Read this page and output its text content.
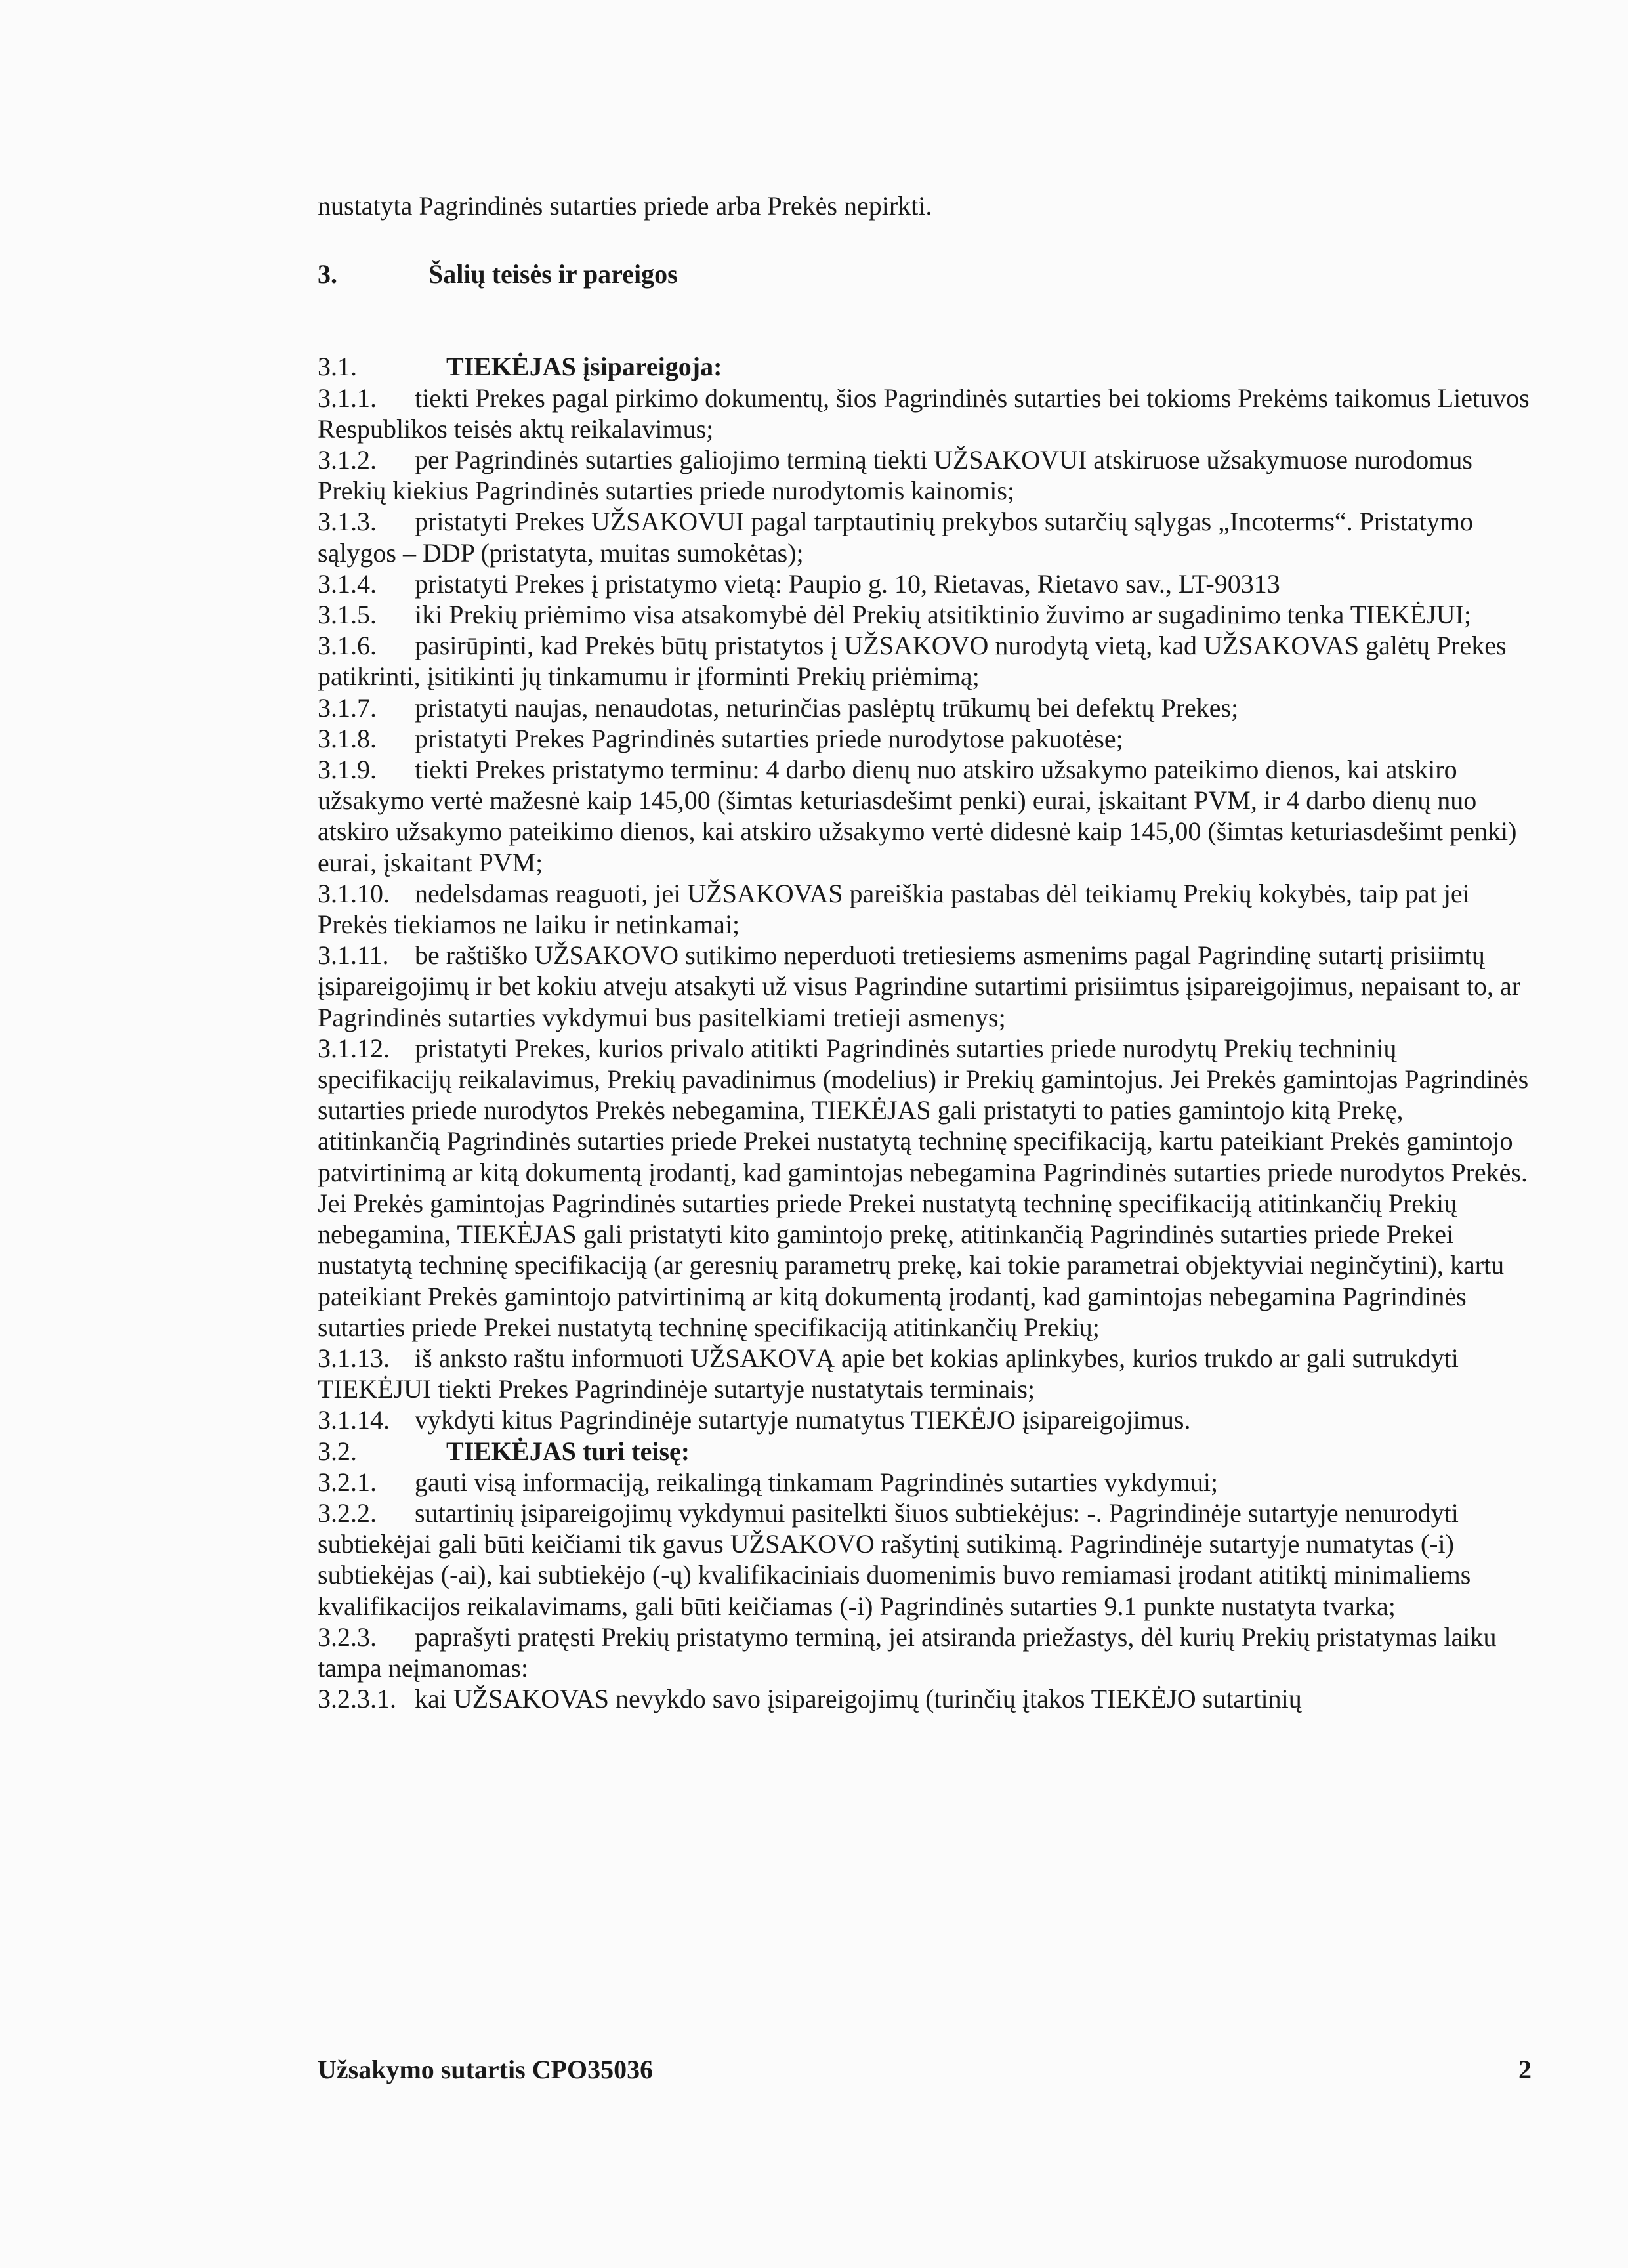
nustatyta Pagrindinės sutarties priede arba Prekės nepirkti.

3.	Šalių teisės ir pareigos

3.1.	TIEKĖJAS įsipareigoja:

3.1.1. tiekti Prekes pagal pirkimo dokumentų, šios Pagrindinės sutarties bei tokioms Prekėms taikomus Lietuvos Respublikos teisės aktų reikalavimus;

3.1.2. per Pagrindinės sutarties galiojimo terminą tiekti UŽSAKOVUI atskiruose užsakymuose nurodomus Prekių kiekius Pagrindinės sutarties priede nurodytomis kainomis;

3.1.3. pristatyti Prekes UŽSAKOVUI pagal tarptautinių prekybos sutarčių sąlygas „Incoterms“. Pristatymo sąlygos – DDP (pristatyta, muitas sumokėtas);

3.1.4. pristatyti Prekes į pristatymo vietą: Paupio g. 10, Rietavas, Rietavo sav., LT-90313

3.1.5. iki Prekių priėmimo visa atsakomybė dėl Prekių atsitiktinio žuvimo ar sugadinimo tenka TIEKĖJUI;

3.1.6. pasirūpinti, kad Prekės būtų pristatytos į UŽSAKOVO nurodytą vietą, kad UŽSAKOVAS galėtų Prekes patikrinti, įsitikinti jų tinkamumu ir įforminti Prekių priėmimą;

3.1.7. pristatyti naujas, nenaudotas, neturinčias paslėptų trūkumų bei defektų Prekes;

3.1.8. pristatyti Prekes Pagrindinės sutarties priede nurodytose pakuotėse;

3.1.9. tiekti Prekes pristatymo terminu: 4 darbo dienų nuo atskiro užsakymo pateikimo dienos, kai atskiro užsakymo vertė mažesnė kaip 145,00 (šimtas keturiasdešimt penki) eurai, įskaitant PVM, ir 4 darbo dienų nuo atskiro užsakymo pateikimo dienos, kai atskiro užsakymo vertė didesnė kaip 145,00 (šimtas keturiasdešimt penki) eurai, įskaitant PVM;

3.1.10. nedelsdamas reaguoti, jei UŽSAKOVAS pareiškia pastabas dėl teikiamų Prekių kokybės, taip pat jei Prekės tiekiamos ne laiku ir netinkamai;

3.1.11. be raštiško UŽSAKOVO sutikimo neperduoti tretiesiems asmenims pagal Pagrindinę sutartį prisiimtų įsipareigojimų ir bet kokiu atveju atsakyti už visus Pagrindine sutartimi prisiimtus įsipareigojimus, nepaisant to, ar Pagrindinės sutarties vykdymui bus pasitelkiami tretieji asmenys;

3.1.12. pristatyti Prekes, kurios privalo atitikti Pagrindinės sutarties priede nurodytų Prekių techninių specifikacijų reikalavimus, Prekių pavadinimus (modelius) ir Prekių gamintojus. Jei Prekės gamintojas Pagrindinės sutarties priede nurodytos Prekės nebegamina, TIEKĖJAS gali pristatyti to paties gamintojo kitą Prekę, atitinkančią Pagrindinės sutarties priede Prekei nustatytą techninę specifikaciją, kartu pateikiant Prekės gamintojo patvirtinimą ar kitą dokumentą įrodantį, kad gamintojas nebegamina Pagrindinės sutarties priede nurodytos Prekės. Jei Prekės gamintojas Pagrindinės sutarties priede Prekei nustatytą techninę specifikaciją atitinkančių Prekių nebegamina, TIEKĖJAS gali pristatyti kito gamintojo prekę, atitinkančią Pagrindinės sutarties priede Prekei nustatytą techninę specifikaciją (ar geresnių parametrų prekę, kai tokie parametrai objektyviai neginčytini), kartu pateikiant Prekės gamintojo patvirtinimą ar kitą dokumentą įrodantį, kad gamintojas nebegamina Pagrindinės sutarties priede Prekei nustatytą techninę specifikaciją atitinkančių Prekių;

3.1.13. iš anksto raštu informuoti UŽSAKOVĄ apie bet kokias aplinkybes, kurios trukdo ar gali sutrukdyti TIEKĖJUI tiekti Prekes Pagrindinėje sutartyje nustatytais terminais;

3.1.14. vykdyti kitus Pagrindinėje sutartyje numatytus TIEKĖJO įsipareigojimus.

3.2.	TIEKĖJAS turi teisę:

3.2.1. gauti visą informaciją, reikalingą tinkamam Pagrindinės sutarties vykdymui;

3.2.2. sutartinių įsipareigojimų vykdymui pasitelkti šiuos subtiekėjus: -. Pagrindinėje sutartyje nenurodyti subtiekėjai gali būti keičiami tik gavus UŽSAKOVO rašytinį sutikimą. Pagrindinėje sutartyje numatytas (-i) subtiekėjas (-ai), kai subtiekėjo (-ų) kvalifikaciniais duomenimis buvo remiamasi įrodant atitiktį minimaliems kvalifikacijos reikalavimams, gali būti keičiamas (-i) Pagrindinės sutarties 9.1 punkte nustatyta tvarka;

3.2.3. paprašyti pratęsti Prekių pristatymo terminą, jei atsiranda priežastys, dėl kurių Prekių pristatymas laiku tampa neįmanomas:

3.2.3.1. kai UŽSAKOVAS nevykdo savo įsipareigojimų (turinčių įtakos TIEKĖJO sutartinių

Užsakymo sutartis CPO35036	2
